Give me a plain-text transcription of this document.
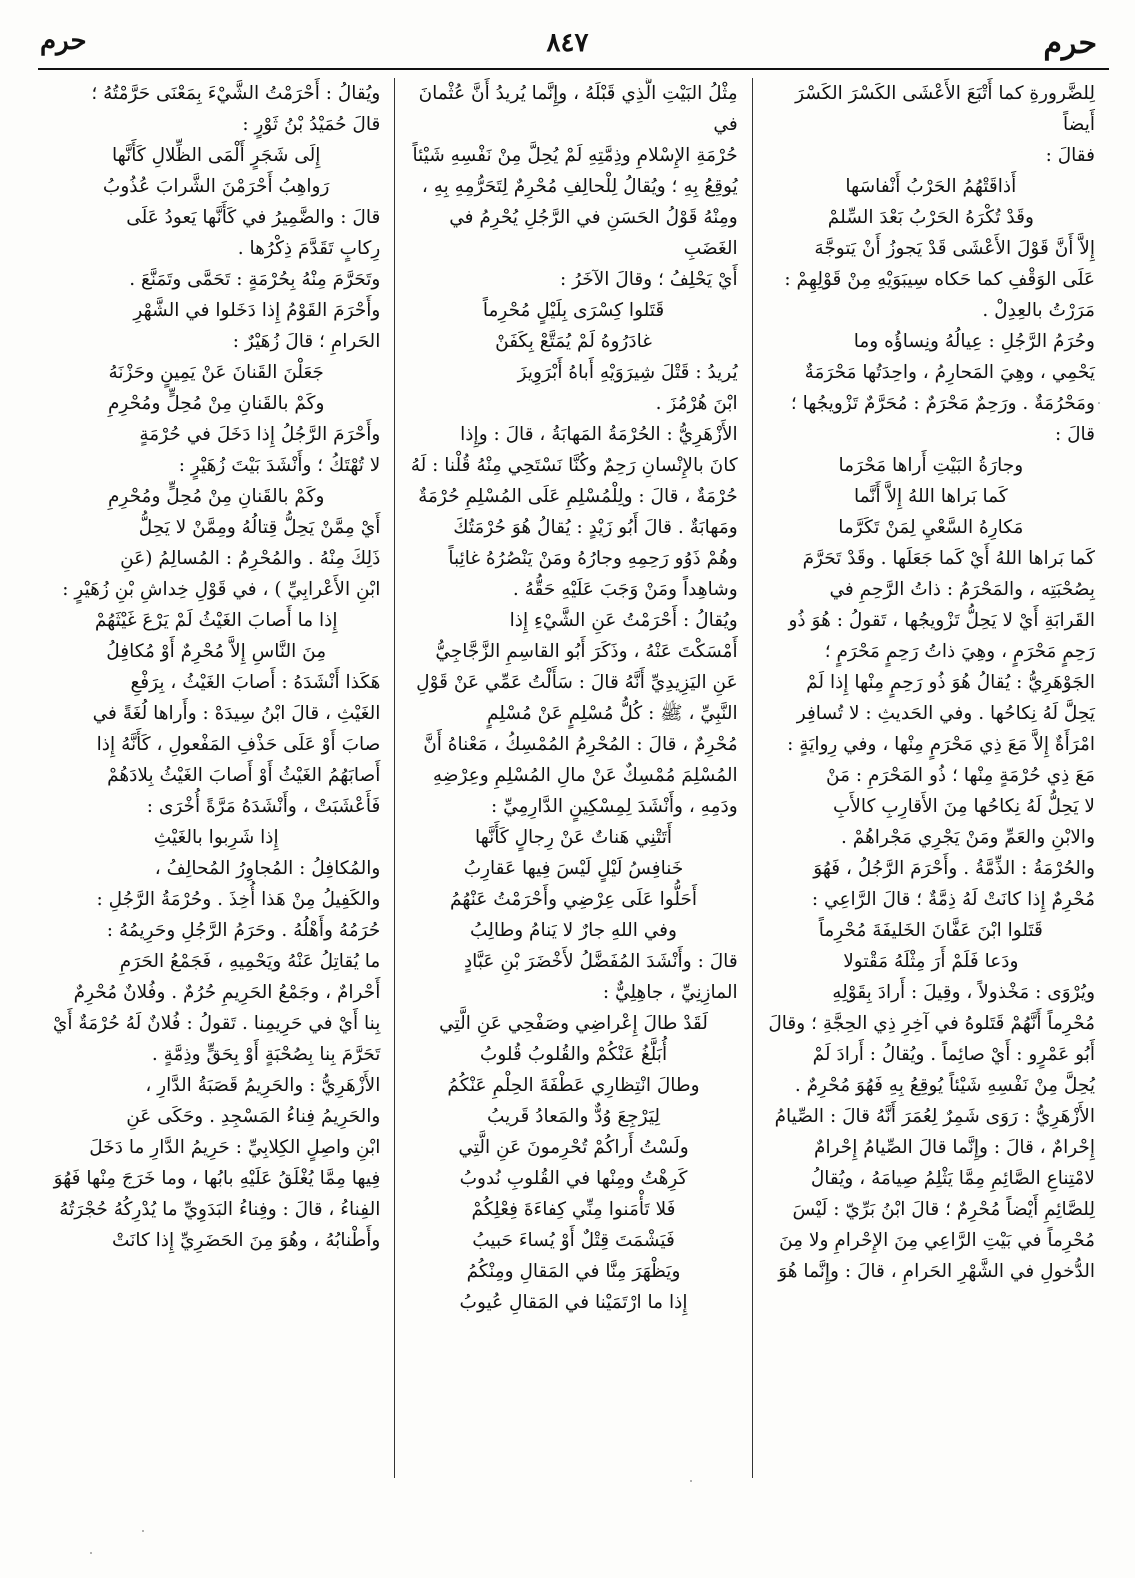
حرم
٨٤٧
حرم

لِلضَّرورةِ كما أَتْبَعَ الأَعْشَى الكَسْرَ الكَسْرَ أَيضاً

فقالَ :

أَذاقَتْهُمُ الحَرْبُ أَنْفاسَها

وقَدْ تُكْرَهُ الحَرْبُ بَعْدَ السِّلمْ

إِلاَّ أَنَّ قَوْلَ الأَعْشَى قَدْ يَجوزُ أَنْ يَتوجَّهَ

عَلَى الوَقْفِ كما حَكاه سِيبَوَيْهِ مِنْ قَوْلِهِمْ :

مَرَرْتُ بالعِدِلْ .

وحُرَمُ الرَّجُلِ : عِيالُهُ ونِساؤُه وما

يَحْمِي ، وهِيَ المَحارِمُ ، واحِدَتُها مَحْرَمَةٌ

ومَحْرُمَةٌ . ورَحِمٌ مَحْرَمٌ : مُحَرَّمٌ تَزْويجُها ؛

قالَ :

وجارَةُ البَيْتِ أَراها مَحْرَما

كَما بَراها اللهُ إِلاَّ أَنَّما

مَكارِهُ السَّعْيِ لِمَنْ تَكَرَّما

كَما بَراها اللهُ أَيْ كَما جَعَلَها . وقَدْ تَحَرَّمَ

بِصُحْبَتِه ، والمَحْرَمُ : ذاتُ الرَّحِمِ في

القَرابَةِ أَيْ لا يَحِلُّ تَزْويجُها ، تَقولُ : هُوَ ذُو

رَحِمٍ مَحْرَمٍ ، وهِيَ ذاتُ رَحِمٍ مَحْرَمٍ ؛

الجَوْهَرِيُّ : يُقالُ هُوَ ذُو رَحِمٍ مِنْها إِذا لَمْ

يَحِلَّ لَهُ نِكاحُها . وفي الحَديثِ : لا تُسافِر

امْرَأَةٌ إِلاَّ مَعَ ذِي مَحْرَمٍ مِنْها ، وفي رِوايَةٍ :

مَعَ ذِي حُرْمَةٍ مِنْها ؛ ذُو المَحْرَمِ : مَنْ

لا يَحِلُّ لَهُ نِكاحُها مِنَ الأَقارِبِ كالأَبِ

والابْنِ والعَمِّ ومَنْ يَجْرِي مَجْراهُمْ .

والحُرْمَةُ : الذِّمَّةُ . وأَحْرَمَ الرَّجُلُ ، فَهُوَ

مُحْرِمٌ إِذا كانَتْ لَهُ ذِمَّةٌ ؛ قالَ الرَّاعِي :

قَتَلوا ابْنَ عَفَّانَ الخَليفَةَ مُحْرِماً

ودَعا فَلَمْ أَرَ مِثْلَهُ مَقْتولا

ويُرْوَى : مَخْذولاً ، وقِيلَ : أَرادَ بِقَوْلِهِ

مُحْرِماً أَنَّهُمْ قَتَلوهُ في آخِرِ ذِي الحِجَّةِ ؛ وقالَ

أَبُو عَمْرٍو : أَيْ صائِماً . ويُقالُ : أَرادَ لَمْ

يُحِلَّ مِنْ نَفْسِهِ شَيْئاً يُوقِعُ بِهِ فَهُوَ مُحْرِمٌ .

الأَزْهَرِيُّ : رَوَى شَمِرٌ لِعُمَرَ أَنَّهُ قالَ : الصِّيامُ

إِحْرامٌ ، قالَ : وإِنَّما قالَ الصِّيامُ إِحْرامٌ

لامْتِناعِ الصَّائِمِ مِمَّا يَثْلِمُ صِيامَهُ ، ويُقالُ

لِلصَّائِمِ أَيْضاً مُحْرِمٌ ؛ قالَ ابْنُ بَرِّيّ : لَيْسَ

مُحْرِماً في بَيْتِ الرَّاعِي مِنَ الإِحْرامِ ولا مِنَ

الدُّخولِ في الشَّهْرِ الحَرامِ ، قالَ : وإِنَّما هُوَ

مِثْلُ البَيْتِ الَّذِي قَبْلَهُ ، وإِنَّما يُريدُ أَنَّ عُثْمانَ في

حُرْمَةِ الإِسْلامِ وذِمَّتِهِ لَمْ يُحِلَّ مِنْ نَفْسِهِ شَيْئاً

يُوقِعُ بِهِ ؛ ويُقالُ لِلْحالِفِ مُحْرِمٌ لِتَحَرُّمِهِ بِهِ ،

ومِنْهُ قَوْلُ الحَسَنِ في الرَّجُلِ يُحْرِمُ في الغَضَبِ

أَيْ يَحْلِفُ ؛ وقالَ الآخَرُ :

قَتَلوا كِسْرَى بِلَيْلٍ مُحْرِماً

غادَرُوهُ لَمْ يُمَتَّعْ بِكَفَنْ

يُريدُ : قَتْلَ شِيرَوَيْهِ أَباهُ أَبْرَوِيزَ

ابْنَ هُرْمُزَ .

الأَزْهَرِيُّ : الحُرْمَةُ المَهابَةُ ، قالَ : وإِذا

كانَ بالإِنْسانِ رَحِمٌ وكُنَّا نَسْتَحِي مِنْهُ قُلْنا : لَهُ

حُرْمَةٌ ، قالَ : ولِلْمُسْلِمِ عَلَى المُسْلِمِ حُرْمَةٌ

ومَهابَةٌ . قالَ أَبُو زَيْدٍ : يُقالُ هُوَ حُرْمَتُكَ

وهُمْ ذَوُو رَحِمِهِ وجارُهُ ومَنْ يَنْصُرُهُ غائِباً

وشاهِداً ومَنْ وَجَبَ عَلَيْهِ حَقُّهُ .

ويُقالُ : أَحْرَمْتُ عَنِ الشَّيْءِ إِذا

أَمْسَكْتَ عَنْهُ ، وذَكَرَ أَبُو القاسِمِ الزَّجَّاجِيُّ

عَنِ اليَزِيدِيِّ أَنَّهُ قالَ : سَأَلْتُ عَمِّي عَنْ قَوْلِ

النَّبِيِّ ، ﷺ : كُلُّ مُسْلِمٍ عَنْ مُسْلِمٍ

مُحْرِمٌ ، قالَ : المُحْرِمُ المُمْسِكُ ، مَعْناهُ أَنَّ

المُسْلِمَ مُمْسِكٌ عَنْ مالِ المُسْلِمِ وعِرْضِهِ

ودَمِهِ ، وأَنْشَدَ لِمِسْكِينٍ الدَّارِمِيِّ :

أَتَتْنِي هَناتٌ عَنْ رِجالٍ كَأَنَّها

خَنافِسُ لَيْلٍ لَيْسَ فِيها عَقارِبُ

أَحَلُّوا عَلَى عِرْضِي وأَحْرَمْتُ عَنْهُمُ

وفي اللهِ جارٌ لا يَنامُ وطالِبُ

قالَ : وأَنْشَدَ المُفَضَّلُ لأَخْضَرَ بْنِ عَبَّادٍ

المازِنِيِّ ، جاهِلِيٌّ :

لَقَدْ طالَ إِعْراضِي وصَفْحِي عَنِ الَّتِي

أُبَلَّغُ عَنْكُمْ والقُلوبُ قُلوبُ

وطالَ انْتِظارِي عَطْفَةَ الحِلْمِ عَنْكُمُ

لِيَرْجِعَ وُدٌّ والمَعادُ قَريبُ

ولَسْتُ أَراكُمْ تُحْرِمونَ عَنِ الَّتِي

كَرِهْتُ ومِنْها في القُلوبِ نُدوبُ

فَلا تَأْمَنوا مِنِّي كِفاءَةَ فِعْلِكُمْ

فَيَشْمَتَ قِتْلٌ أَوْ يُساءَ حَبيبُ

ويَظْهَرَ مِنَّا في المَقالِ ومِنْكُمُ

إِذا ما ارْتَمَيْنا في المَقالِ عُيوبُ

ويُقالُ : أَحْرَمْتُ الشَّيْءَ بِمَعْنَى حَرَّمْتُهُ ؛

قالَ حُمَيْدُ بْنُ ثَوْرٍ :

إِلَى شَجَرٍ أَلْمَى الظِّلالِ كَأَنَّها

رَواهِبُ أَحْرَمْنَ الشَّرابَ عُذُوبُ

قالَ : والضَّمِيرُ في كَأَنَّها يَعودُ عَلَى

رِكابٍ تَقَدَّمَ ذِكْرُها .

وتَحَرَّمَ مِنْهُ بِحُرْمَةٍ : تَحَمَّى وتَمَنَّعَ .

وأَحْرَمَ القَوْمُ إِذا دَخَلوا في الشَّهْرِ

الحَرامِ ؛ قالَ زُهَيْرٌ :

جَعَلْنَ القَنانَ عَنْ يَمِينٍ وحَزْنَهُ

وكَمْ بالقَنانِ مِنْ مُحِلٍّ ومُحْرِمِ

وأَحْرَمَ الرَّجُلُ إِذا دَخَلَ في حُرْمَةٍ

لا تُهْتَكُ ؛ وأَنْشَدَ بَيْتَ زُهَيْرٍ :

وكَمْ بالقَنانِ مِنْ مُحِلٍّ ومُحْرِمِ

أَيْ مِمَّنْ يَحِلُّ قِتالُهُ ومِمَّنْ لا يَحِلُّ

ذَلِكَ مِنْهُ . والمُحْرِمُ : المُسالِمُ (عَنِ

ابْنِ الأَعْرابِيِّ ) ، في قَوْلِ خِداشِ بْنِ زُهَيْرٍ :

إِذا ما أَصابَ الغَيْثُ لَمْ يَرْعَ غَيْثَهُمْ

مِنَ النَّاسِ إِلاَّ مُحْرِمٌ أَوْ مُكافِلُ

هَكَذا أَنْشَدَهُ : أَصابَ الغَيْثُ ، بِرَفْعِ

الغَيْثِ ، قالَ ابْنُ سِيدَهْ : وأَراها لُغَةً في

صابَ أَوْ عَلَى حَذْفِ المَفْعولِ ، كَأَنَّهُ إِذا

أَصابَهُمُ الغَيْثُ أَوْ أَصابَ الغَيْثُ بِلادَهُمْ

فَأَعْشَبَتْ ، وأَنْشَدَهُ مَرَّةً أُخْرَى :

إِذا شَرِبوا بالغَيْثِ

والمُكافِلُ : المُجاوِرُ المُحالِفُ ،

والكَفِيلُ مِنْ هَذا أُخِذَ . وحُرْمَةُ الرَّجُلِ :

حُرَمُهُ وأَهْلُهُ . وحَرَمُ الرَّجُلِ وحَرِيمُهُ :

ما يُقاتِلُ عَنْهُ ويَحْمِيهِ ، فَجَمْعُ الحَرَمِ

أَحْرامٌ ، وجَمْعُ الحَرِيمِ حُرُمٌ . وفُلانٌ مُحْرِمٌ

بِنا أَيْ في حَرِيمِنا . تَقولُ : فُلانٌ لَهُ حُرْمَةٌ أَيْ

تَحَرَّمَ بِنا بِصُحْبَةٍ أَوْ بِحَقٍّ وذِمَّةٍ .

الأَزْهَرِيُّ : والحَرِيمُ قَصَبَةُ الدَّارِ ،

والحَرِيمُ فِناءُ المَسْجِدِ . وحَكَى عَنِ

ابْنِ واصِلٍ الكِلابِيِّ : حَرِيمُ الدَّارِ ما دَخَلَ

فِيها مِمَّا يُغْلَقُ عَلَيْهِ بابُها ، وما خَرَجَ مِنْها فَهُوَ

الفِناءُ ، قالَ : وفِناءُ البَدَوِيِّ ما يُدْرِكُهُ حُجْرَتُهُ

وأَطْنابُهُ ، وهُوَ مِنَ الحَضَرِيِّ إِذا كانَتْ
